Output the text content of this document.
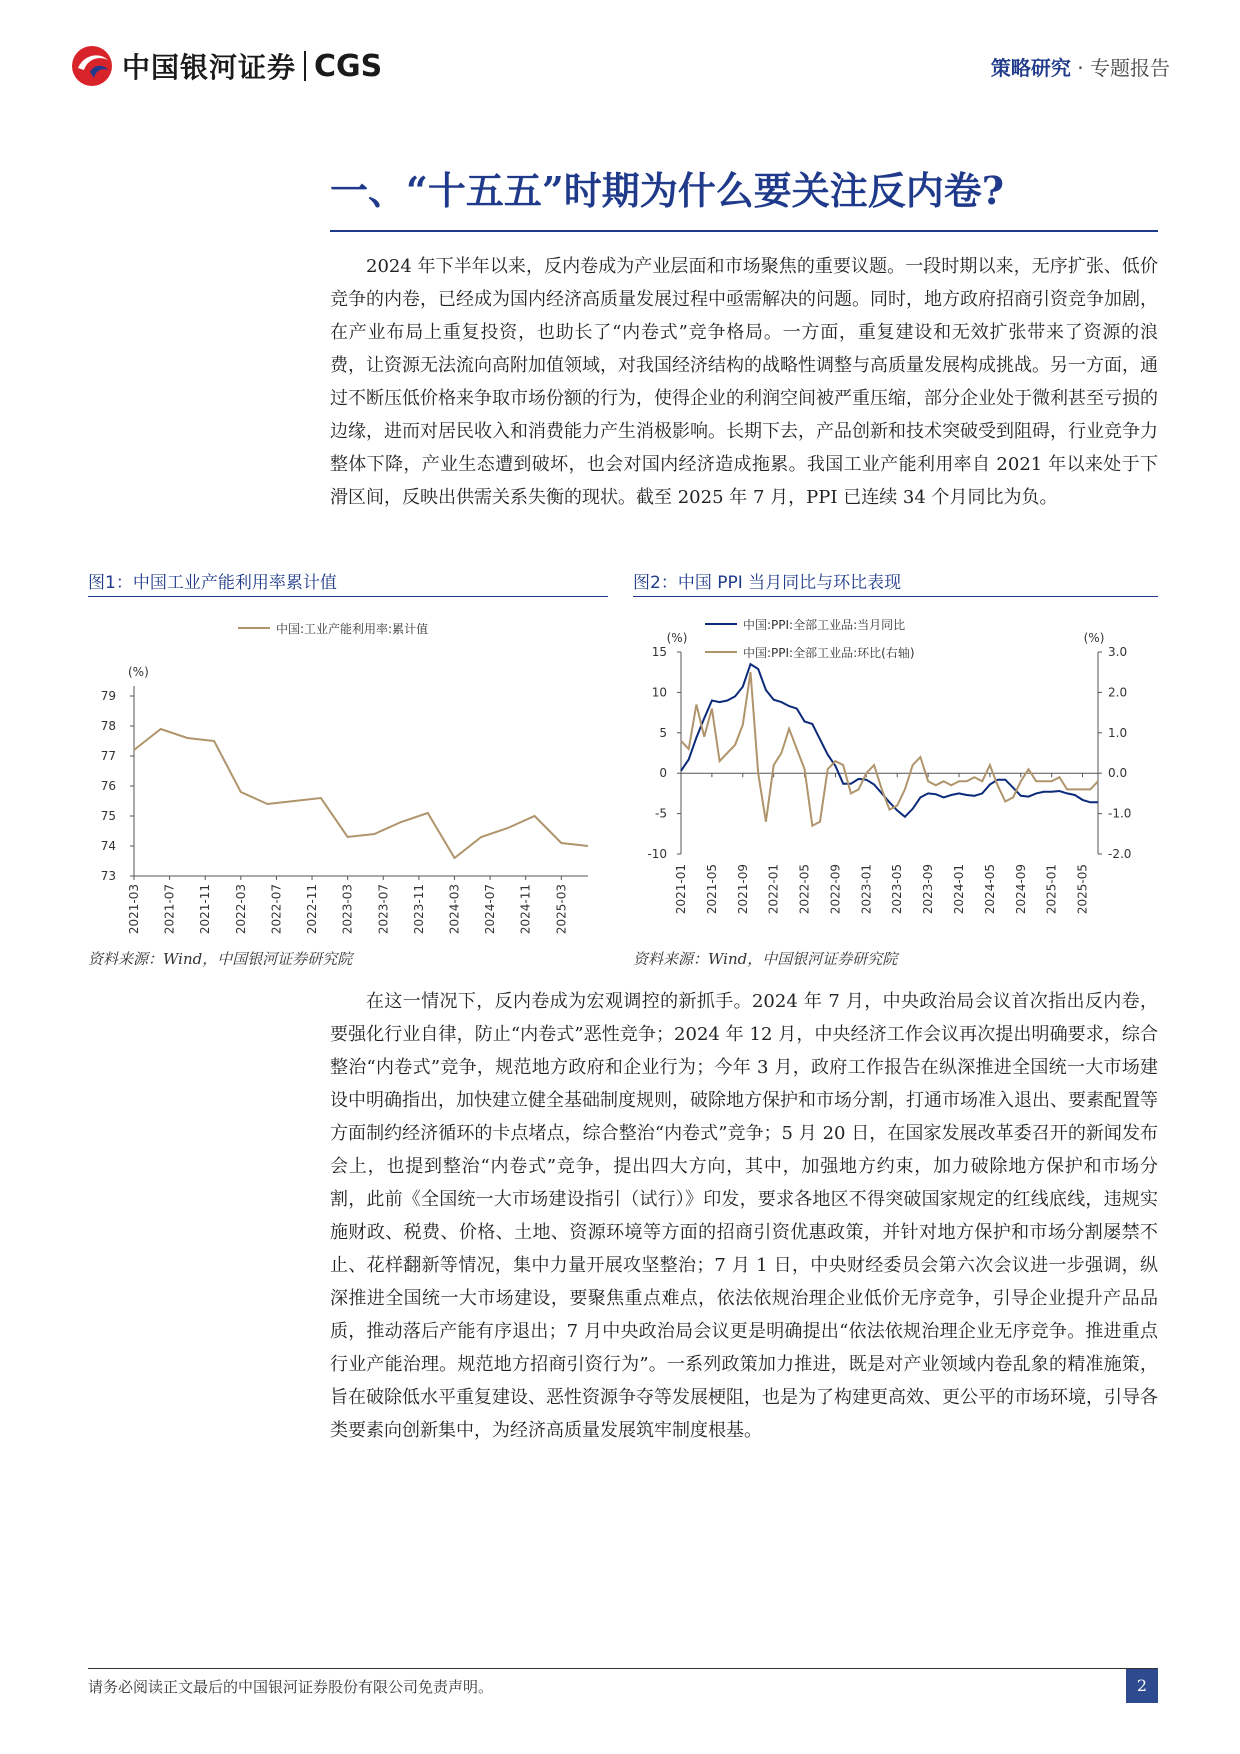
中国银河证券 CGS	策略研究 · 专题报告
一、“十五五”时期为什么要关注反内卷?
2024 年下半年以来，反内卷成为产业层面和市场聚焦的重要议题。一段时期以来，无序扩张、低价竞争的内卷，已经成为国内经济高质量发展过程中亟需解决的问题。同时，地方政府招商引资竞争加剧，在产业布局上重复投资，也助长了“内卷式”竞争格局。一方面，重复建设和无效扩张带来了资源的浪费，让资源无法流向高附加值领域，对我国经济结构的战略性调整与高质量发展构成挑战。另一方面，通过不断压低价格来争取市场份额的行为，使得企业的利润空间被严重压缩，部分企业处于微利甚至亏损的边缘，进而对居民收入和消费能力产生消极影响。长期下去，产品创新和技术突破受到阻碍，行业竞争力整体下降，产业生态遭到破坏，也会对国内经济造成拖累。我国工业产能利用率自 2021 年以来处于下滑区间，反映出供需关系失衡的现状。截至 2025 年 7 月，PPI 已连续 34 个月同比为负。
图1：中国工业产能利用率累计值
(%)
73
74
75
76
77
78
79
2021-03 2021-07 2021-11 2022-03 2022-07 2022-11 2023-03 2023-07 2023-11 2024-03 2024-07 2024-11 2025-03
中国:工业产能利用率:累计值
资料来源：Wind，中国银河证券研究院
图2：中国 PPI 当月同比与环比表现
(%)	(%)
-10
-5
0
5
10
15
-2.0
-1.0
0.0
1.0
2.0
3.0
2021-01 2021-05 2021-09 2022-01 2022-05 2022-09 2023-01 2023-05 2023-09 2024-01 2024-05 2024-09 2025-01 2025-05
中国:PPI:全部工业品:当月同比
中国:PPI:全部工业品:环比(右轴)
资料来源：Wind，中国银河证券研究院
在这一情况下，反内卷成为宏观调控的新抓手。2024 年 7 月，中央政治局会议首次指出反内卷，要强化行业自律，防止“内卷式”恶性竞争；2024 年 12 月，中央经济工作会议再次提出明确要求，综合整治“内卷式”竞争，规范地方政府和企业行为；今年 3 月，政府工作报告在纵深推进全国统一大市场建设中明确指出，加快建立健全基础制度规则，破除地方保护和市场分割，打通市场准入退出、要素配置等方面制约经济循环的卡点堵点，综合整治“内卷式”竞争；5 月 20 日，在国家发展改革委召开的新闻发布会上，也提到整治“内卷式”竞争，提出四大方向，其中，加强地方约束，加力破除地方保护和市场分割，此前《全国统一大市场建设指引（试行）》印发，要求各地区不得突破国家规定的红线底线，违规实施财政、税费、价格、土地、资源环境等方面的招商引资优惠政策，并针对地方保护和市场分割屡禁不止、花样翻新等情况，集中力量开展攻坚整治；7 月 1 日，中央财经委员会第六次会议进一步强调，纵深推进全国统一大市场建设，要聚焦重点难点，依法依规治理企业低价无序竞争，引导企业提升产品品质，推动落后产能有序退出；7 月中央政治局会议更是明确提出“依法依规治理企业无序竞争。推进重点行业产能治理。规范地方招商引资行为”。一系列政策加力推进，既是对产业领域内卷乱象的精准施策，旨在破除低水平重复建设、恶性资源争夺等发展梗阻，也是为了构建更高效、更公平的市场环境，引导各类要素向创新集中，为经济高质量发展筑牢制度根基。
请务必阅读正文最后的中国银河证券股份有限公司免责声明。	2
